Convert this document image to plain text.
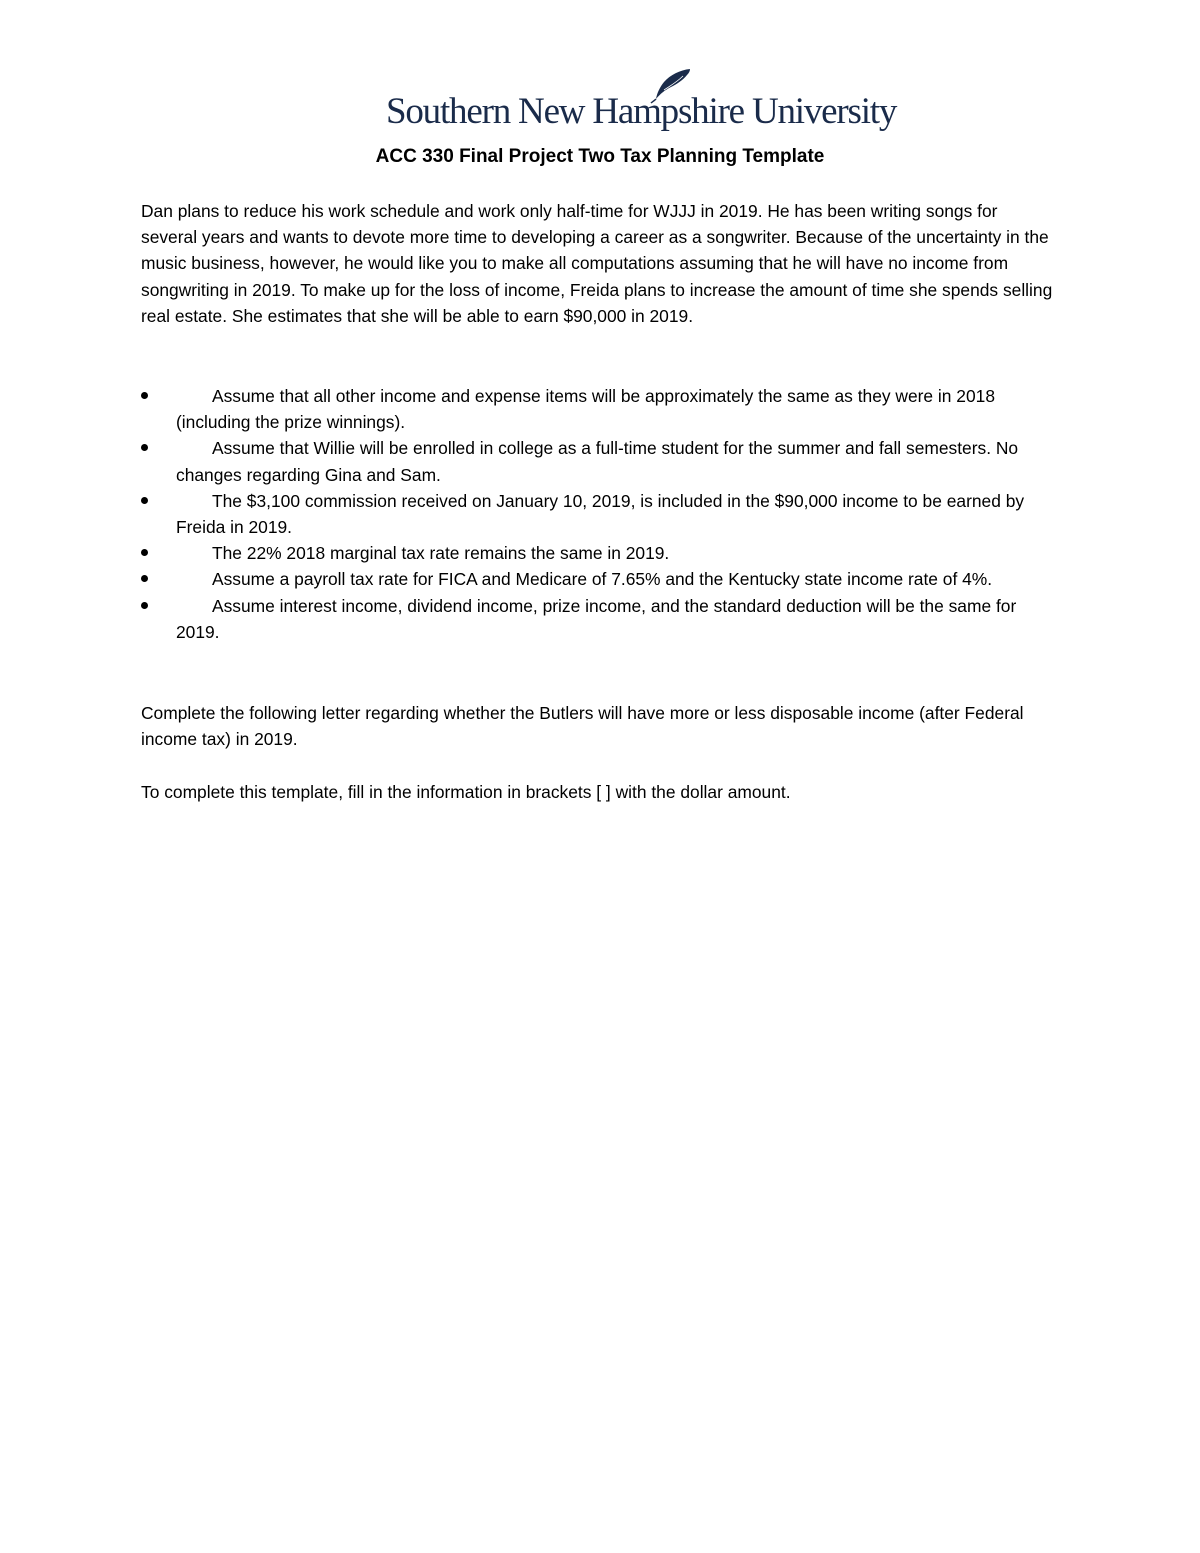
Southern New Hampshire University
ACC 330 Final Project Two Tax Planning Template
Dan plans to reduce his work schedule and work only half-time for WJJJ in 2019. He has been writing songs for several years and wants to devote more time to developing a career as a songwriter. Because of the uncertainty in the music business, however, he would like you to make all computations assuming that he will have no income from songwriting in 2019. To make up for the loss of income, Freida plans to increase the amount of time she spends selling real estate. She estimates that she will be able to earn $90,000 in 2019.
Assume that all other income and expense items will be approximately the same as they were in 2018 (including the prize winnings).
Assume that Willie will be enrolled in college as a full-time student for the summer and fall semesters. No changes regarding Gina and Sam.
The $3,100 commission received on January 10, 2019, is included in the $90,000 income to be earned by Freida in 2019.
The 22% 2018 marginal tax rate remains the same in 2019.
Assume a payroll tax rate for FICA and Medicare of 7.65% and the Kentucky state income rate of 4%.
Assume interest income, dividend income, prize income, and the standard deduction will be the same for 2019.
Complete the following letter regarding whether the Butlers will have more or less disposable income (after Federal income tax) in 2019.
To complete this template, fill in the information in brackets [ ] with the dollar amount.
